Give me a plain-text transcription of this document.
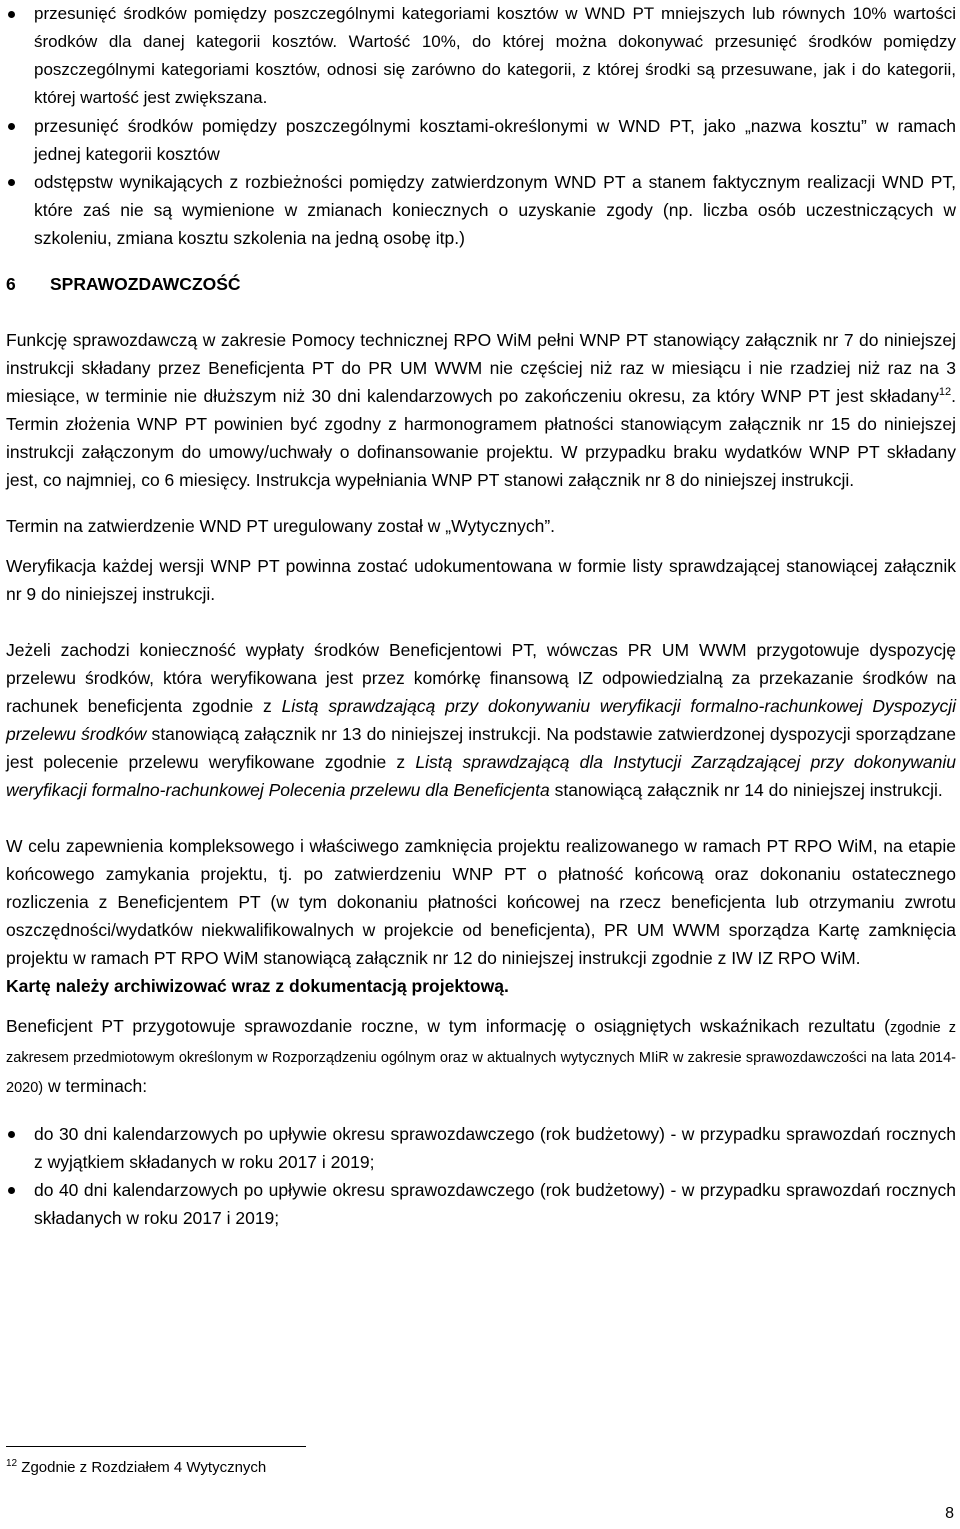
przesunięć środków pomiędzy poszczególnymi kategoriami kosztów w WND PT mniejszych lub równych 10% wartości środków dla danej kategorii kosztów. Wartość 10%, do której można dokonywać przesunięć środków pomiędzy poszczególnymi kategoriami kosztów, odnosi się zarówno do kategorii, z której środki są przesuwane, jak i do kategorii, której wartość jest zwiększana.
przesunięć środków pomiędzy poszczególnymi kosztami-określonymi w WND PT, jako „nazwa kosztu” w ramach jednej kategorii kosztów
odstępstw wynikających z rozbieżności pomiędzy zatwierdzonym WND PT a stanem faktycznym realizacji WND PT, które zaś nie są wymienione w zmianach koniecznych o uzyskanie zgody (np. liczba osób uczestniczących w szkoleniu, zmiana kosztu szkolenia na jedną osobę itp.)
6 SPRAWOZDAWCZOŚĆ

Funkcję sprawozdawczą w zakresie Pomocy technicznej RPO WiM pełni WNP PT stanowiący załącznik nr 7 do niniejszej instrukcji składany przez Beneficjenta PT do PR UM WWM nie częściej niż raz w miesiącu i nie rzadziej niż raz na 3 miesiące, w terminie nie dłuższym niż 30 dni kalendarzowych po zakończeniu okresu, za który WNP PT jest składany$^{12}$. Termin złożenia WNP PT powinien być zgodny z harmonogramem płatności stanowiącym załącznik nr 15 do niniejszej instrukcji załączonym do umowy/uchwały o dofinansowanie projektu. W przypadku braku wydatków WNP PT składany jest, co najmniej, co 6 miesięcy. Instrukcja wypełniania WNP PT stanowi załącznik nr 8 do niniejszej instrukcji.

Termin na zatwierdzenie WND PT uregulowany został w „Wytycznych”.

Weryfikacja każdej wersji WNP PT powinna zostać udokumentowana w formie listy sprawdzającej stanowiącej załącznik nr 9 do niniejszej instrukcji.

Jeżeli zachodzi konieczność wypłaty środków Beneficjentowi PT, wówczas PR UM WWM przygotowuje dyspozycję przelewu środków, która weryfikowana jest przez komórkę finansową IZ odpowiedzialną za przekazanie środków na rachunek beneficjenta zgodnie z Listą sprawdzającą przy dokonywaniu weryfikacji formalno-rachunkowej Dyspozycji przelewu środków stanowiącą załącznik nr 13 do niniejszej instrukcji. Na podstawie zatwierdzonej dyspozycji sporządzane jest polecenie przelewu weryfikowane zgodnie z Listą sprawdzającą dla Instytucji Zarządzającej przy dokonywaniu weryfikacji formalno-rachunkowej Polecenia przelewu dla Beneficjenta stanowiącą załącznik nr 14 do niniejszej instrukcji.

W celu zapewnienia kompleksowego i właściwego zamknięcia projektu realizowanego w ramach PT RPO WiM, na etapie końcowego zamykania projektu, tj. po zatwierdzeniu WNP PT o płatność końcową oraz dokonaniu ostatecznego rozliczenia z Beneficjentem PT (w tym dokonaniu płatności końcowej na rzecz beneficjenta lub otrzymaniu zwrotu oszczędności/wydatków niekwalifikowalnych w projekcie od beneficjenta), PR UM WWM sporządza Kartę zamknięcia projektu w ramach PT RPO WiM stanowiącą załącznik nr 12 do niniejszej instrukcji zgodnie z IW IZ RPO WiM.
Kartę należy archiwizować wraz z dokumentacją projektową.

Beneficjent PT przygotowuje sprawozdanie roczne, w tym informację o osiągniętych wskaźnikach rezultatu (zgodnie z zakresem przedmiotowym określonym w Rozporządzeniu ogólnym oraz w aktualnych wytycznych MIiR w zakresie sprawozdawczości na lata 2014-2020) w terminach:

do 30 dni kalendarzowych po upływie okresu sprawozdawczego (rok budżetowy) - w przypadku sprawozdań rocznych z wyjątkiem składanych w roku 2017 i 2019;
do 40 dni kalendarzowych po upływie okresu sprawozdawczego (rok budżetowy) - w przypadku sprawozdań rocznych składanych w roku 2017 i 2019;
$^{12}$ Zgodnie z Rozdziałem 4 Wytycznych
8
